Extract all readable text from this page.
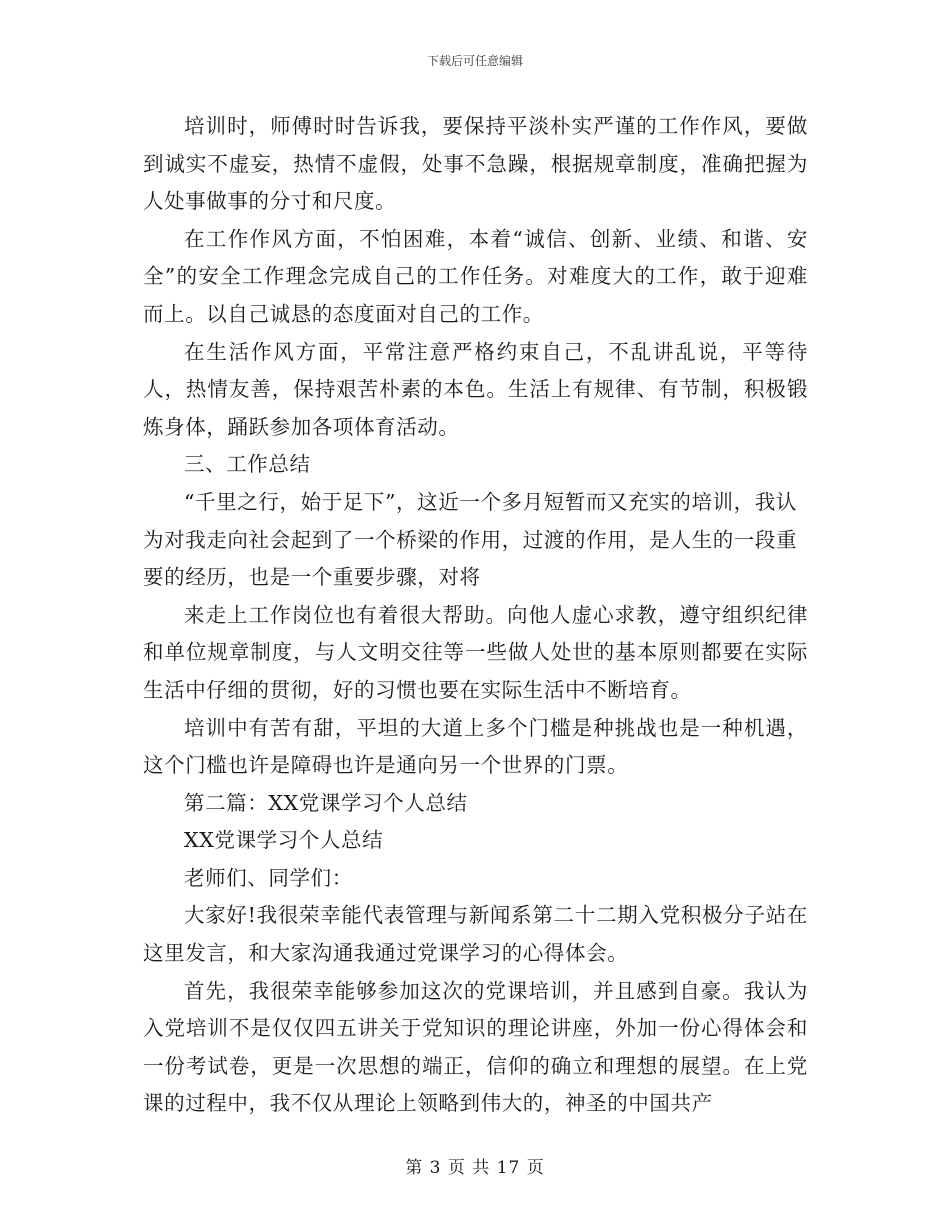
下载后可任意编辑

培训时，师傅时时告诉我，要保持平淡朴实严谨的工作作风，要做到诚实不虚妄，热情不虚假，处事不急躁，根据规章制度，准确把握为人处事做事的分寸和尺度。

在工作作风方面，不怕困难，本着“诚信、创新、业绩、和谐、安全”的安全工作理念完成自己的工作任务。对难度大的工作，敢于迎难而上。以自己诚恳的态度面对自己的工作。

在生活作风方面，平常注意严格约束自己，不乱讲乱说，平等待人，热情友善，保持艰苦朴素的本色。生活上有规律、有节制，积极锻炼身体，踊跃参加各项体育活动。

三、工作总结

“千里之行，始于足下”，这近一个多月短暂而又充实的培训，我认为对我走向社会起到了一个桥梁的作用，过渡的作用，是人生的一段重要的经历，也是一个重要步骤，对将

来走上工作岗位也有着很大帮助。向他人虚心求教，遵守组织纪律和单位规章制度，与人文明交往等一些做人处世的基本原则都要在实际生活中仔细的贯彻，好的习惯也要在实际生活中不断培育。

培训中有苦有甜，平坦的大道上多个门槛是种挑战也是一种机遇，这个门槛也许是障碍也许是通向另一个世界的门票。

第二篇：XX党课学习个人总结

XX党课学习个人总结

老师们、同学们：

大家好!我很荣幸能代表管理与新闻系第二十二期入党积极分子站在这里发言，和大家沟通我通过党课学习的心得体会。

首先，我很荣幸能够参加这次的党课培训，并且感到自豪。我认为入党培训不是仅仅四五讲关于党知识的理论讲座，外加一份心得体会和一份考试卷，更是一次思想的端正，信仰的确立和理想的展望。在上党课的过程中，我不仅从理论上领略到伟大的，神圣的中国共产

第 3 页 共 17 页
